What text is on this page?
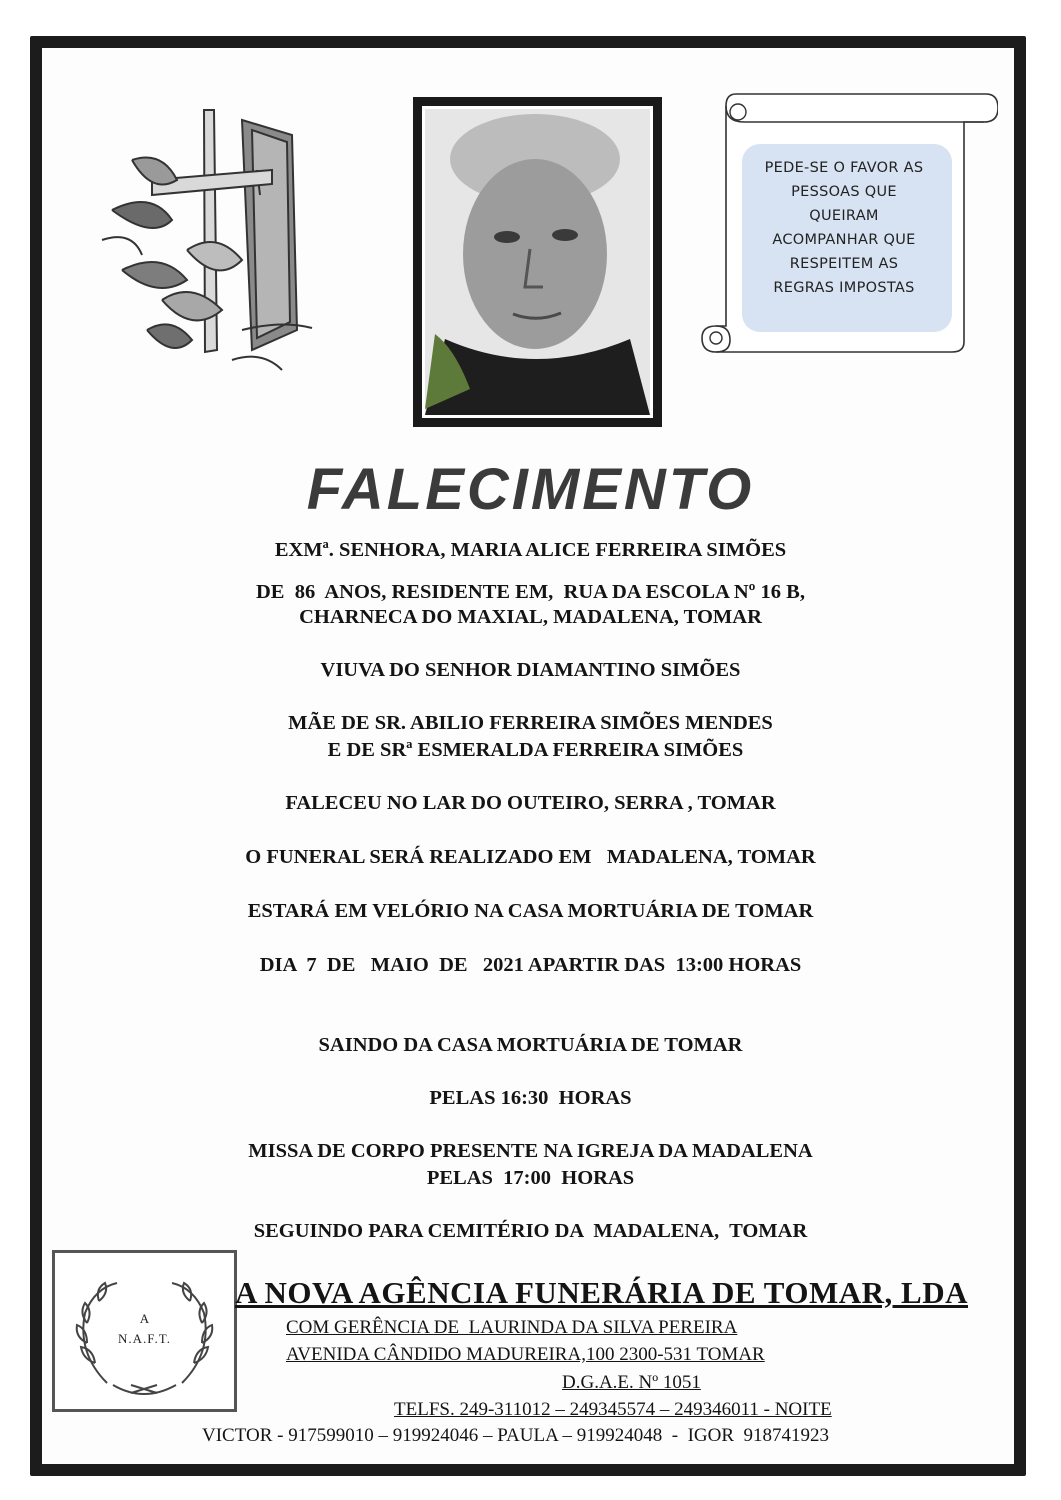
PEDE-SE O FAVOR AS
PESSOAS QUE
QUEIRAM
ACOMPANHAR QUE
RESPEITEM AS
REGRAS IMPOSTAS
FALECIMENTO
EXMª. SENHORA, MARIA ALICE FERREIRA SIMÕES
DE  86  ANOS, RESIDENTE EM,  RUA DA ESCOLA Nº 16 B,
CHARNECA DO MAXIAL, MADALENA, TOMAR
VIUVA DO SENHOR DIAMANTINO SIMÕES
MÃE DE SR. ABILIO FERREIRA SIMÕES MENDES
E DE SRª ESMERALDA FERREIRA SIMÕES
FALECEU NO LAR DO OUTEIRO, SERRA , TOMAR
O FUNERAL SERÁ REALIZADO EM   MADALENA, TOMAR
ESTARÁ EM VELÓRIO NA CASA MORTUÁRIA DE TOMAR
DIA  7  DE   MAIO  DE   2021 APARTIR DAS  13:00 HORAS
SAINDO DA CASA MORTUÁRIA DE TOMAR
PELAS 16:30  HORAS
MISSA DE CORPO PRESENTE NA IGREJA DA MADALENA
PELAS  17:00  HORAS
SEGUINDO PARA CEMITÉRIO DA  MADALENA,  TOMAR
A
N.A.F.T.
A NOVA AGÊNCIA FUNERÁRIA DE TOMAR, LDA
COM GERÊNCIA DE  LAURINDA DA SILVA PEREIRA
AVENIDA CÂNDIDO MADUREIRA,100 2300-531 TOMAR
D.G.A.E. Nº 1051
TELFS. 249-311012 – 249345574 – 249346011 - NOITE
VICTOR - 917599010 – 919924046 – PAULA – 919924048  -  IGOR  918741923
